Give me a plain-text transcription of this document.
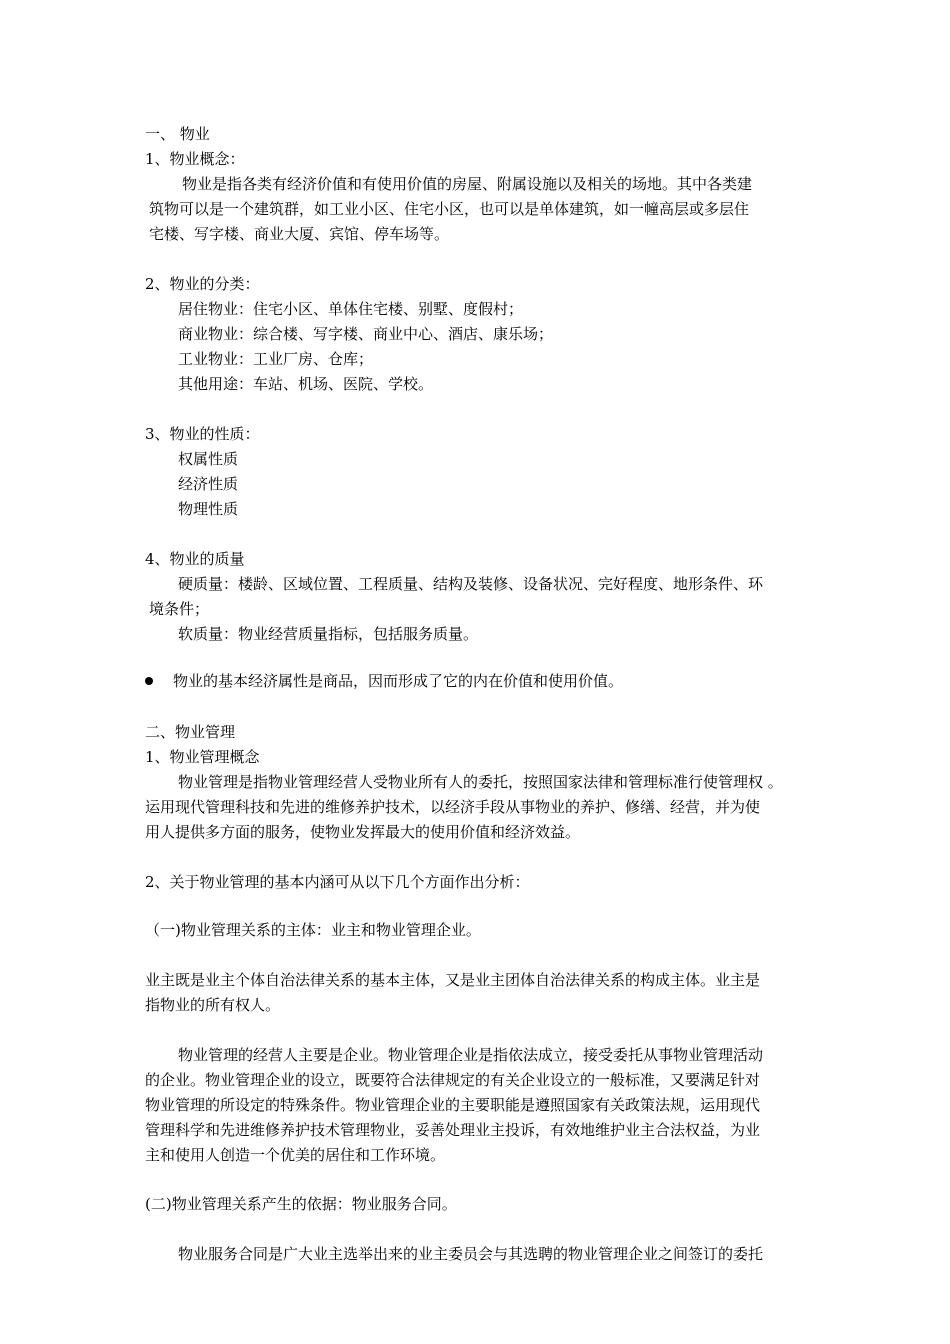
一、 物业
1、物业概念：
物业是指各类有经济价值和有使用价值的房屋、附属设施以及相关的场地。其中各类建
筑物可以是一个建筑群，如工业小区、住宅小区，也可以是单体建筑，如一幢高层或多层住
宅楼、写字楼、商业大厦、宾馆、停车场等。
2、物业的分类：
居住物业：住宅小区、单体住宅楼、别墅、度假村；
商业物业：综合楼、写字楼、商业中心、酒店、康乐场；
工业物业：工业厂房、仓库；
其他用途：车站、机场、医院、学校。
3、物业的性质：
权属性质
经济性质
物理性质
4、物业的质量
硬质量：楼龄、区域位置、工程质量、结构及装修、设备状况、完好程度、地形条件、环
境条件；
软质量：物业经营质量指标，包括服务质量。
物业的基本经济属性是商品，因而形成了它的内在价值和使用价值。
二、物业管理
1、物业管理概念
物业管理是指物业管理经营人受物业所有人的委托，按照国家法律和管理标准行使管理权 。
运用现代管理科技和先进的维修养护技术，以经济手段从事物业的养护、修缮、经营，并为使
用人提供多方面的服务，使物业发挥最大的使用价值和经济效益。
2、关于物业管理的基本内涵可从以下几个方面作出分析：
（一)物业管理关系的主体：业主和物业管理企业。
业主既是业主个体自治法律关系的基本主体，又是业主团体自治法律关系的构成主体。业主是
指物业的所有权人。
物业管理的经营人主要是企业。物业管理企业是指依法成立，接受委托从事物业管理活动
的企业。物业管理企业的设立，既要符合法律规定的有关企业设立的一般标准，又要满足针对
物业管理的所设定的特殊条件。物业管理企业的主要职能是遵照国家有关政策法规，运用现代
管理科学和先进维修养护技术管理物业，妥善处理业主投诉，有效地维护业主合法权益，为业
主和使用人创造一个优美的居住和工作环境。
(二)物业管理关系产生的依据：物业服务合同。
物业服务合同是广大业主选举出来的业主委员会与其选聘的物业管理企业之间签订的委托
